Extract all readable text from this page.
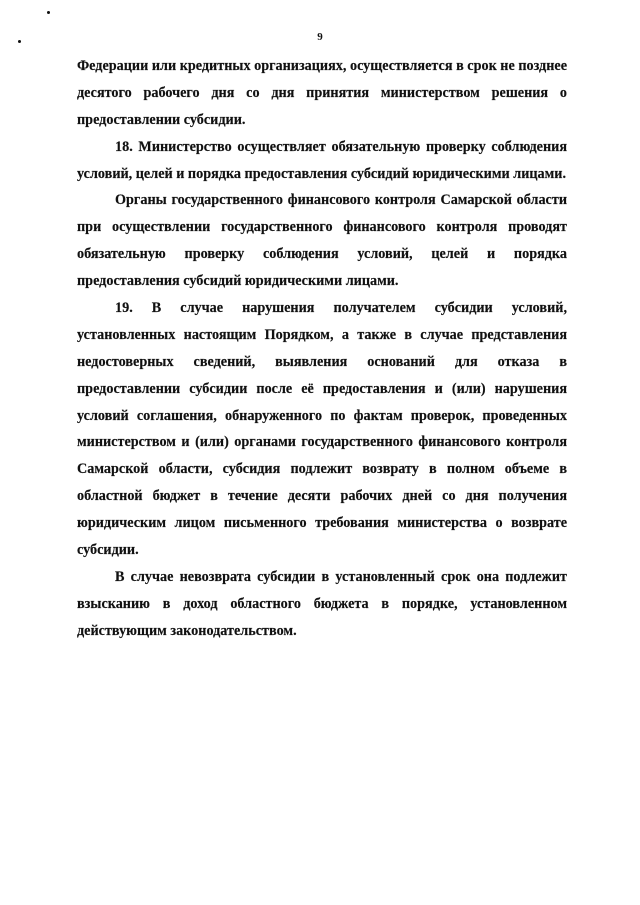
9
Федерации или кредитных организациях, осуществляется в срок не позднее
десятого рабочего дня со дня принятия министерством решения о
предоставлении субсидии.
18. Министерство осуществляет обязательную проверку соблюдения
условий, целей и порядка предоставления субсидий юридическими лицами.
Органы государственного финансового контроля Самарской области
при осуществлении государственного финансового контроля проводят
обязательную проверку соблюдения условий, целей и порядка
предоставления субсидий юридическими лицами.
19. В случае нарушения получателем субсидии условий,
установленных настоящим Порядком, а также в случае представления
недостоверных сведений, выявления оснований для отказа в
предоставлении субсидии после её предоставления и (или) нарушения
условий соглашения, обнаруженного по фактам проверок, проведенных
министерством и (или) органами государственного финансового контроля
Самарской области, субсидия подлежит возврату в полном объеме в
областной бюджет в течение десяти рабочих дней со дня получения
юридическим лицом письменного требования министерства о возврате
субсидии.
В случае невозврата субсидии в установленный срок она подлежит
взысканию в доход областного бюджета в порядке, установленном
действующим законодательством.
